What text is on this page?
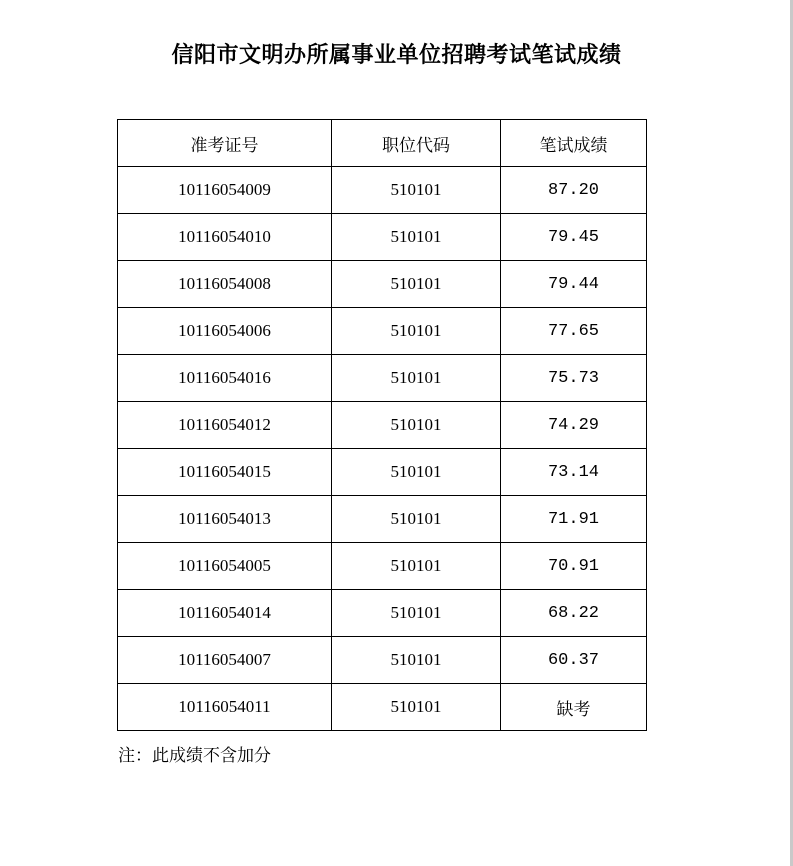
信阳市文明办所属事业单位招聘考试笔试成绩
准考证号	职位代码	笔试成绩
10116054009	510101	87.20
10116054010	510101	79.45
10116054008	510101	79.44
10116054006	510101	77.65
10116054016	510101	75.73
10116054012	510101	74.29
10116054015	510101	73.14
10116054013	510101	71.91
10116054005	510101	70.91
10116054014	510101	68.22
10116054007	510101	60.37
10116054011	510101	缺考
注：此成绩不含加分
